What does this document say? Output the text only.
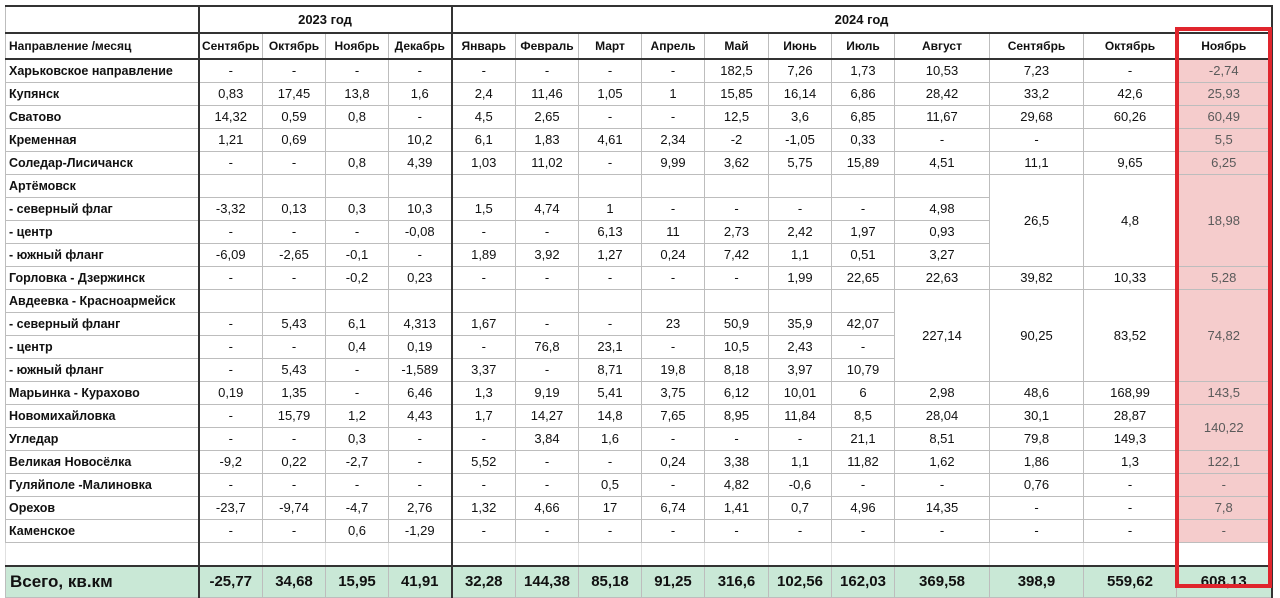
	2023 год				2024 год										
Направление /месяц	Сентябрь	Октябрь	Ноябрь	Декабрь	Январь	Февраль	Март	Апрель	Май	Июнь	Июль	Август	Сентябрь	Октябрь	Ноябрь
Харьковское направление	-	-	-	-	-	-	-	-	182,5	7,26	1,73	10,53	7,23	-	-2,74
Купянск	0,83	17,45	13,8	1,6	2,4	11,46	1,05	1	15,85	16,14	6,86	28,42	33,2	42,6	25,93
Сватово	14,32	0,59	0,8	-	4,5	2,65	-	-	12,5	3,6	6,85	11,67	29,68	60,26	60,49
Кременная	1,21	0,69		10,2	6,1	1,83	4,61	2,34	-2	-1,05	0,33	-	-		5,5
Соледар-Лисичанск	-	-	0,8	4,39	1,03	11,02	-	9,99	3,62	5,75	15,89	4,51	11,1	9,65	6,25
Артёмовск													26,5	4,8	18,98
- северный флаг	-3,32	0,13	0,3	10,3	1,5	4,74	1	-	-	-	-	4,98			
- центр	-	-	-	-0,08	-	-	6,13	11	2,73	2,42	1,97	0,93			
- южный фланг	-6,09	-2,65	-0,1	-	1,89	3,92	1,27	0,24	7,42	1,1	0,51	3,27			
Горловка - Дзержинск	-	-	-0,2	0,23	-	-	-	-	-	1,99	22,65	22,63	39,82	10,33	5,28
Авдеевка - Красноармейск												227,14	90,25	83,52	74,82
- северный фланг	-	5,43	6,1	4,313	1,67	-	-	23	50,9	35,9	42,07				
- центр	-	-	0,4	0,19	-	76,8	23,1	-	10,5	2,43	-				
- южный фланг	-	5,43	-	-1,589	3,37	-	8,71	19,8	8,18	3,97	10,79				
Марьинка - Курахово	0,19	1,35	-	6,46	1,3	9,19	5,41	3,75	6,12	10,01	6	2,98	48,6	168,99	143,5
Новомихайловка	-	15,79	1,2	4,43	1,7	14,27	14,8	7,65	8,95	11,84	8,5	28,04	30,1	28,87	140,22
Угледар	-	-	0,3	-	-	3,84	1,6	-	-	-	21,1	8,51	79,8	149,3	
Великая Новосёлка	-9,2	0,22	-2,7	-	5,52	-	-	0,24	3,38	1,1	11,82	1,62	1,86	1,3	122,1
Гуляйполе -Малиновка	-	-	-	-	-	-	0,5	-	4,82	-0,6	-	-	0,76	-	-
Орехов	-23,7	-9,74	-4,7	2,76	1,32	4,66	17	6,74	1,41	0,7	4,96	14,35	-	-	7,8
Каменское	-	-	0,6	-1,29	-	-	-	-	-	-	-	-	-	-	-

Всего, кв.км	-25,77	34,68	15,95	41,91	32,28	144,38	85,18	91,25	316,6	102,56	162,03	369,58	398,9	559,62	608,13
